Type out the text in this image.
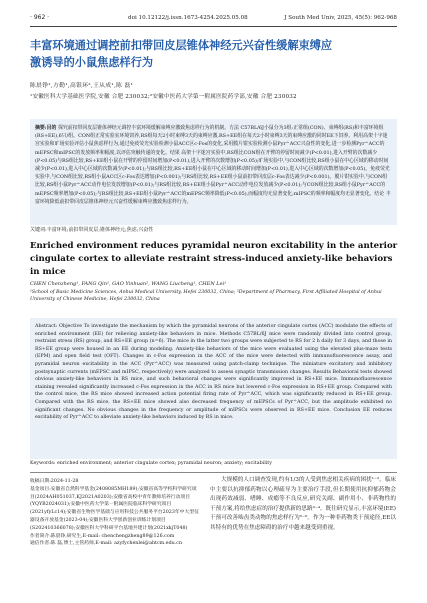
· 962 ·	doi 10.12122/j.issn.1673-4254.2025.05.08	J South Med Univ, 2025, 45(5): 962-968
丰富环境通过调控前扣带回皮层锥体神经元兴奋性缓解束缚应
激诱导的小鼠焦虑样行为
陈晨铮¹,方勤¹,高银环²,王从成¹,陈 磊¹
¹安徽医科大学基础医学院,安徽 合肥 230032;²安徽中医药大学第一附属医院药学部,安徽 合肥 230032
摘要:目的 探究前扣带回皮层锥体神经元调控丰富环境缓解束缚应激致焦虑样行为的机制。方法 C57BL/6J小鼠分为3组:正常组(CON)、束缚组(RS)和丰富环境组(RS+EE),6只/组。CON组正常实验室环境饲养,RS组每天2小时束缚3天的束缚应激,RS+EE组在每天2小时束缚3天的束缚应激的同时EE下饲养。利用高架十字迷宫实验和旷场实验评估小鼠焦虑样行为,通过免疫荧光实验检测小鼠ACC区c-Fos的变化,采用膜片钳实验检测小鼠Pyr^ACC兴奋性的变化,进一步检测Pyr^ACC的mEPSC和mIPSC的发放频率和幅度,以评估突触传递的变化。结果 高架十字迷宫实验中,RS组比CON组在开臂的停留时间减少(P<0.01),进入开臂的次数减少(P<0.05)与RS组比较,RS+EE组小鼠在开臂的停留时间增加(P<0.01),进入开臂的次数增加(P<0.05);旷场实验中,与CON组比较,RS组小鼠在中心区域的移动时间减少(P<0.01),进入中心区域的次数减少(P<0.01);与RS组比较,RS+EE组小鼠在中心区域的移动时间增加(P<0.01),进入中心区域的次数增加(P<0.05)。免疫荧光实验中,与CON组比较,RS组小鼠ACC区c-Fos表达增加(P<0.001);与RS组比较,RS+EE组小鼠前扣带回皮层c-Fos表达减少(P<0.001)。膜片钳实验中,与CON组比较,RS组小鼠Pyr^ACC动作电位发放增加(P<0.01);与RS组比较,RS+EE组小鼠Pyr^ACC动作电位发放减少(P<0.01);与CON组比较,RS组小鼠Pyr^ACC的mEPSC频率增加(P<0.05);与RS组比较,RS+EE组小鼠Pyr^ACC的mEPSC频率降低(P<0.05),而幅度均无显著变化;mIPSC的频率和幅度均无显著变化。结论 丰富环境降低前扣带回皮层锥体神经元兴奋性缓解束缚应激致焦虑样行为。
关键词:丰富环境;前扣带回皮层;锥体神经元;焦虑;兴奋性
Enriched environment reduces pyramidal neuron excitability in the anterior cingulate cortex to alleviate restraint stress-induced anxiety-like behaviors in mice
CHEN Chenzheng¹, FANG Qin¹, GAO Yinhuan², WANG Liucheng¹, CHEN Lei¹
¹School of Basic Medicine Sciences, Anhui Medical University, Hefei 230032, China; ²Department of Pharmacy, First Affiliated Hospital of Anhui University of Chinese Medicine, Hefei 230032, China
Abstract: Objective To investigate the mechanism by which the pyramidal neurons of the anterior cingulate cortex (ACC) modulate the effects of enriched environment (EE) for relieving anxiety-like behaviors in mice. Methods C57BL/6J mice were randomly divided into control group, restraint stress (RS) group, and RS+EE group (n=6). The mice in the latter two groups were subjected to RS for 2 h daily for 3 days, and those in RS+EE group were housed in an EE during modeling. Anxiety-like behaviors of the mice were evaluated using the elevated plus-maze tests (EPM) and open field test (OFT). Changes in c-Fos expression in the ACC of the mice were detected with immunofluorescence assay, and pyramidal neuron excitability in the ACC (Pyr^ACC) was measured using patch-clamp technique. The miniature excitatory and inhibitory postsynaptic currents (mEPSC and mIPSC, respectively) were analyzed to assess synaptic transmission changes. Results Behavioral tests showed obvious anxiety-like behaviors in RS mice, and such behavioral changes were significantly improved in RS+EE mice. Immunofluorescence staining revealed significantly increased c-Fos expression in the ACC in RS mice but lowered c-Fos expression in RS+EE group. Compared with the control mice, the RS mice showed increased action potential firing rate of Pyr^ACC, which was significantly reduced in RS+EE group. Compared with the RS mice, the RS+EE mice showed also decreased frequency of mEPSCs of Pyr^ACC, but the amplitude exhibited no significant changes. No obvious changes in the frequency or amplitude of mIPSCs were observed in RS+EE mice. Conclusion EE reduces excitability of Pyr^ACC to alleviate anxiety-like behaviors induced by RS in mice.
Keywords: enriched environment; anterior cingulate cortex; pyramidal neuron; anxiety; excitability

收稿日期:2024-11-28

基金项目:安徽省自然科学基金(2408085MH189);安徽省高等学校科学研究项目(2024AH051037,KJ2021A0203);安徽省高校中青年教师培养行动项目(YQYB2024031);安徽中医药大学第一附属医院临床科学研究项目(2021yfyLc14);安徽省生物医学基础与应用科技公共服务平台2023年中大型仪器设备开放基金(2023-04);安徽医科大学创新创业训练计划项目(S202410366078);安徽医科大学科研平台基地共建计划(2021xkjT048)

作者简介:陈晨铮,研究生,E-mail: chenchengzheng89@126.com

通信作者:陈 磊,博士,主管药师,E-mail: azyfychenlei@ahtcm.edu.cn

大规模的人口调查发现,约有1/3的人受到焦虑相关疾病的困扰¹⁻²。临床中主要以抗抑郁药物以心理疏导为主要治疗手段,但长期使用抗抑郁药物会出现药效减弱、嗜睡、成瘾等不良反应,研究关副、副作用小、非药物性的干预方案,将给焦虑症的治疗提供新的思路³⁻⁴。既往研究显示,丰富环境(EE)干预可改善啮齿类动物的焦虑样行为⁵⁻⁶。作为一种非药物类干预途径,EE以其特有的优势在焦虑障碍的治疗中越来越受到重视。
